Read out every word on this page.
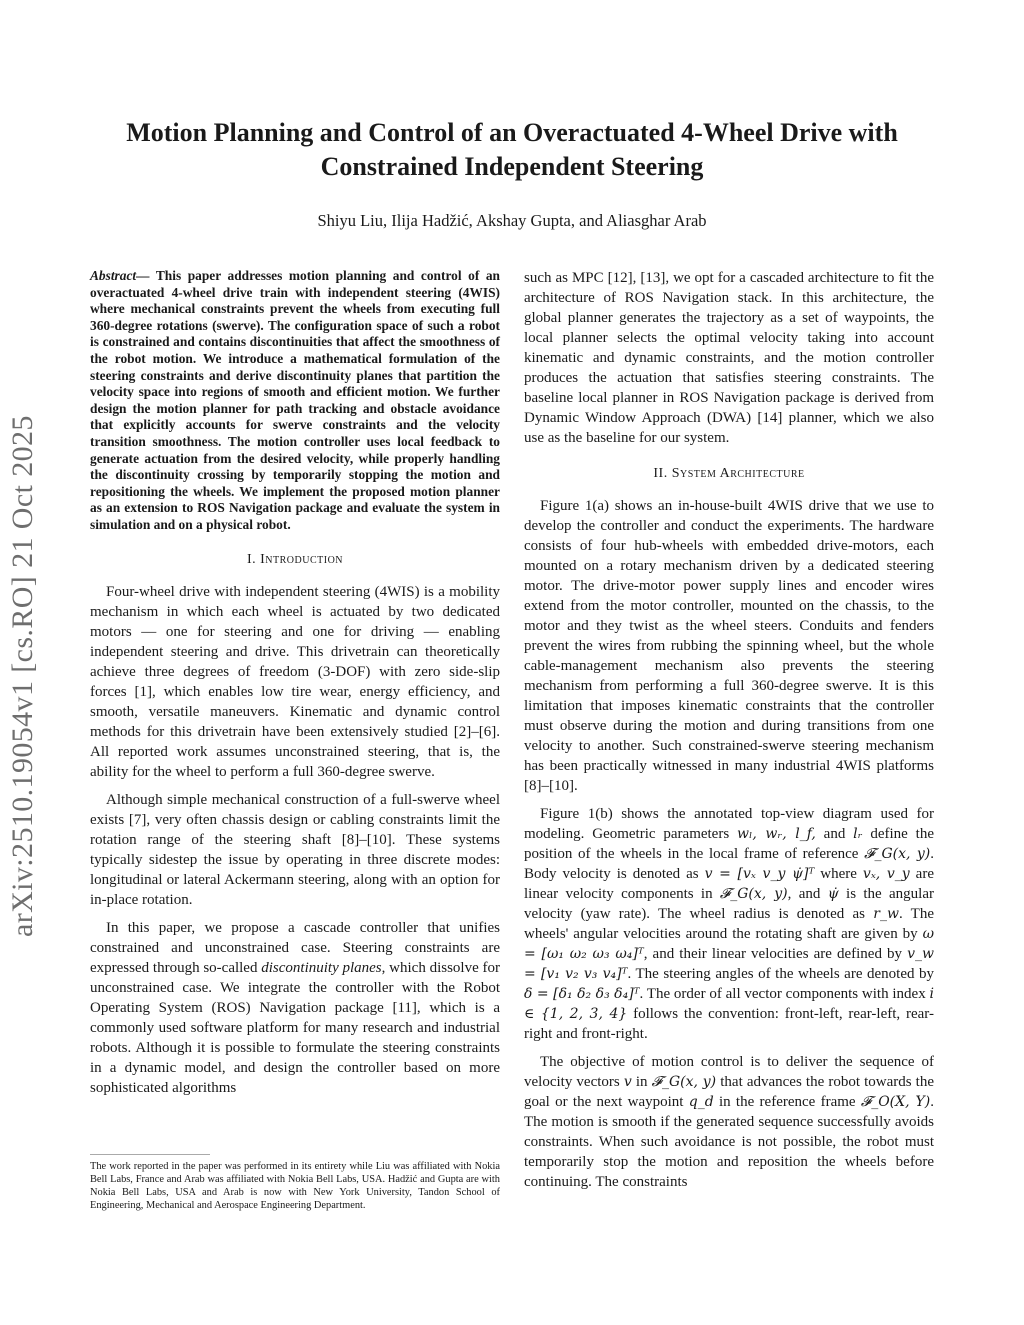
arXiv:2510.19054v1 [cs.RO] 21 Oct 2025
Motion Planning and Control of an Overactuated 4-Wheel Drive with
Constrained Independent Steering

Shiyu Liu, Ilija Hadžić, Akshay Gupta, and Aliasghar Arab

Abstract— This paper addresses motion planning and control of an overactuated 4-wheel drive train with independent steering (4WIS) where mechanical constraints prevent the wheels from executing full 360-degree rotations (swerve). The configuration space of such a robot is constrained and contains discontinuities that affect the smoothness of the robot motion. We introduce a mathematical formulation of the steering constraints and derive discontinuity planes that partition the velocity space into regions of smooth and efficient motion. We further design the motion planner for path tracking and obstacle avoidance that explicitly accounts for swerve constraints and the velocity transition smoothness. The motion controller uses local feedback to generate actuation from the desired velocity, while properly handling the discontinuity crossing by temporarily stopping the motion and repositioning the wheels. We implement the proposed motion planner as an extension to ROS Navigation package and evaluate the system in simulation and on a physical robot.

I. Introduction

Four-wheel drive with independent steering (4WIS) is a mobility mechanism in which each wheel is actuated by two dedicated motors — one for steering and one for driving — enabling independent steering and drive. This drivetrain can theoretically achieve three degrees of freedom (3-DOF) with zero side-slip forces [1], which enables low tire wear, energy efficiency, and smooth, versatile maneuvers. Kinematic and dynamic control methods for this drivetrain have been extensively studied [2]–[6]. All reported work assumes unconstrained steering, that is, the ability for the wheel to perform a full 360-degree swerve.

Although simple mechanical construction of a full-swerve wheel exists [7], very often chassis design or cabling constraints limit the rotation range of the steering shaft [8]–[10]. These systems typically sidestep the issue by operating in three discrete modes: longitudinal or lateral Ackermann steering, along with an option for in-place rotation.

In this paper, we propose a cascade controller that unifies constrained and unconstrained case. Steering constraints are expressed through so-called discontinuity planes, which dissolve for unconstrained case. We integrate the controller with the Robot Operating System (ROS) Navigation package [11], which is a commonly used software platform for many research and industrial robots. Although it is possible to formulate the steering constraints in a dynamic model, and design the controller based on more sophisticated algorithms

such as MPC [12], [13], we opt for a cascaded architecture to fit the architecture of ROS Navigation stack. In this architecture, the global planner generates the trajectory as a set of waypoints, the local planner selects the optimal velocity taking into account kinematic and dynamic constraints, and the motion controller produces the actuation that satisfies steering constraints. The baseline local planner in ROS Navigation package is derived from Dynamic Window Approach (DWA) [14] planner, which we also use as the baseline for our system.

II. System Architecture

Figure 1(a) shows an in-house-built 4WIS drive that we use to develop the controller and conduct the experiments. The hardware consists of four hub-wheels with embedded drive-motors, each mounted on a rotary mechanism driven by a dedicated steering motor. The drive-motor power supply lines and encoder wires extend from the motor controller, mounted on the chassis, to the motor and they twist as the wheel steers. Conduits and fenders prevent the wires from rubbing the spinning wheel, but the whole cable-management mechanism also prevents the steering mechanism from performing a full 360-degree swerve. It is this limitation that imposes kinematic constraints that the controller must observe during the motion and during transitions from one velocity to another. Such constrained-swerve steering mechanism has been practically witnessed in many industrial 4WIS platforms [8]–[10].

Figure 1(b) shows the annotated top-view diagram used for modeling. Geometric parameters wₗ, wᵣ, l_f, and lᵣ define the position of the wheels in the local frame of reference 𝓕_G(x, y). Body velocity is denoted as v = [vₓ v_y ψ̇]ᵀ where vₓ, v_y are linear velocity components in 𝓕_G(x, y), and ψ̇ is the angular velocity (yaw rate). The wheel radius is denoted as r_w. The wheels' angular velocities around the rotating shaft are given by ω = [ω₁ ω₂ ω₃ ω₄]ᵀ, and their linear velocities are defined by v_w = [v₁ v₂ v₃ v₄]ᵀ. The steering angles of the wheels are denoted by δ = [δ₁ δ₂ δ₃ δ₄]ᵀ. The order of all vector components with index i ∈ {1, 2, 3, 4} follows the convention: front-left, rear-left, rear-right and front-right.

The objective of motion control is to deliver the sequence of velocity vectors v in 𝓕_G(x, y) that advances the robot towards the goal or the next waypoint q_d in the reference frame 𝓕_O(X, Y). The motion is smooth if the generated sequence successfully avoids constraints. When such avoidance is not possible, the robot must temporarily stop the motion and reposition the wheels before continuing. The constraints

The work reported in the paper was performed in its entirety while Liu was affiliated with Nokia Bell Labs, France and Arab was affiliated with Nokia Bell Labs, USA. Hadžić and Gupta are with Nokia Bell Labs, USA and Arab is now with New York University, Tandon School of Engineering, Mechanical and Aerospace Engineering Department.
